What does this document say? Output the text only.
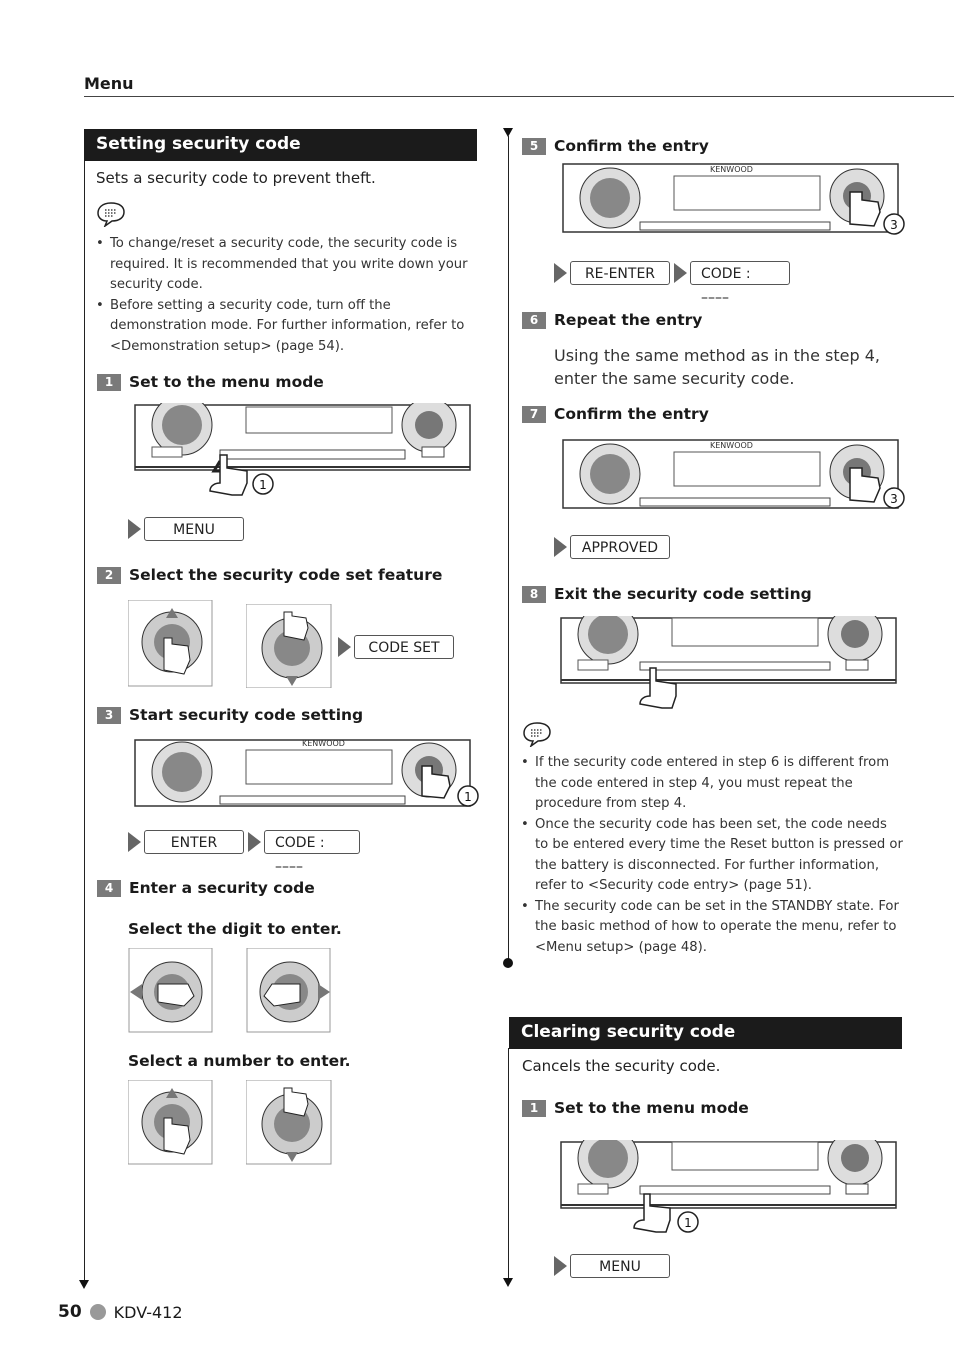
Menu
Setting security code
Sets a security code to prevent theft.
• To change/reset a security code, the security code is required. It is recommended that you write down your security code.
• Before setting a security code, turn off the demonstration mode. For further information, refer to <Demonstration setup> (page 54).
1	Set to the menu mode
1
MENU
2	Select the security code set feature
CODE SET
3	Start security code setting
KENWOOD
1
ENTER	CODE : ––––
4	Enter a security code
Select the digit to enter.
Select a number to enter.
5	Confirm the entry
KENWOOD
3
RE-ENTER	CODE : ––––
6	Repeat the entry
Using the same method as in the step 4, enter the same security code.
7	Confirm the entry
KENWOOD
3
APPROVED
8	Exit the security code setting
• If the security code entered in step 6 is different from the code entered in step 4, you must repeat the procedure from step 4.
• Once the security code has been set, the code needs to be entered every time the Reset button is pressed or the battery is disconnected. For further information, refer to <Security code entry> (page 51).
• The security code can be set in the STANDBY state. For the basic method of how to operate the menu, refer to <Menu setup> (page 48).
Clearing security code
Cancels the security code.
1	Set to the menu mode
1
MENU
50 KDV-412
